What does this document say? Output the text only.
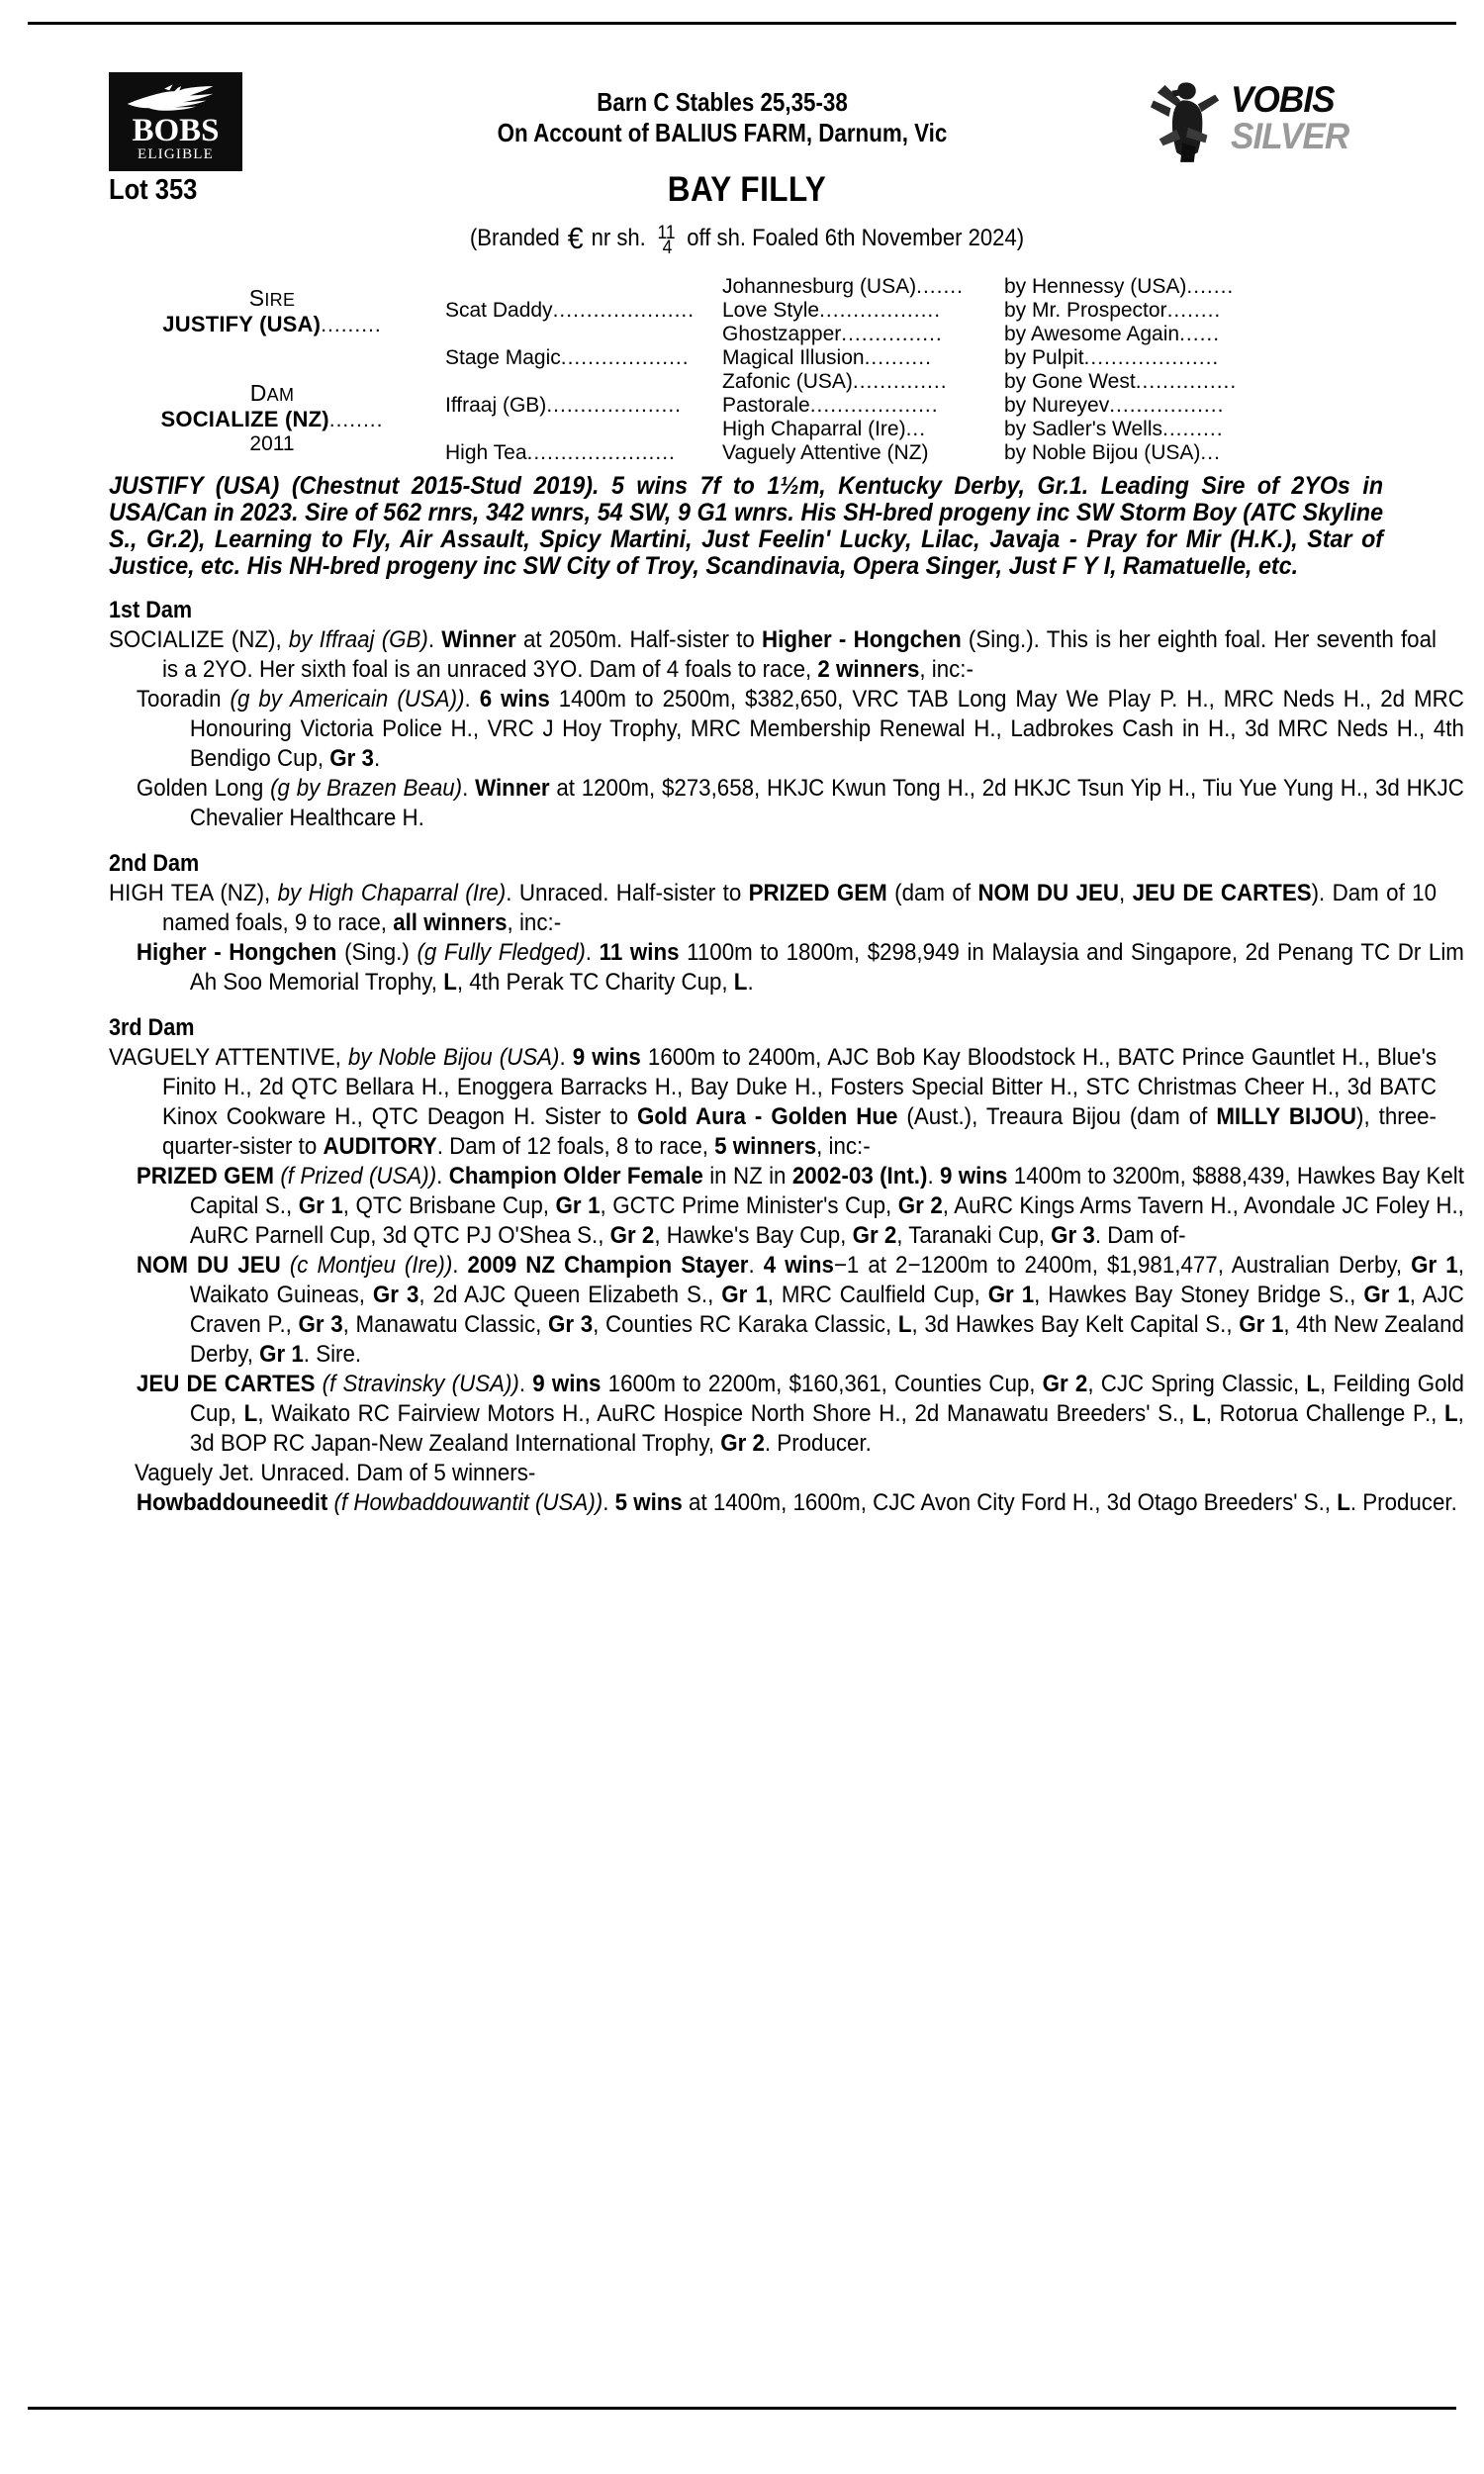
BOBS
ELIGIBLE
Barn C Stables 25,35-38
On Account of BALIUS FARM, Darnum, Vic
VOBIS
SILVER
Lot 353	BAY FILLY
(Branded € nr sh. 11
4 off sh. Foaled 6th November 2024)
SIRE
JUSTIFY (USA).........
DAM
SOCIALIZE (NZ)........
2011
Scat Daddy.....................
Stage Magic...................
Iffraaj (GB)....................
High Tea......................
Johannesburg (USA).......
Love Style..................
Ghostzapper...............
Magical Illusion..........
Zafonic (USA)..............
Pastorale...................
High Chaparral (Ire)...
Vaguely Attentive (NZ)
by Hennessy (USA).......
by Mr. Prospector........
by Awesome Again......
by Pulpit....................
by Gone West...............
by Nureyev.................
by Sadler's Wells.........
by Noble Bijou (USA)...
JUSTIFY (USA) (Chestnut 2015-Stud 2019). 5 wins 7f to 1½m, Kentucky Derby, Gr.1. Leading Sire of 2YOs in USA/Can in 2023. Sire of 562 rnrs, 342 wnrs, 54 SW, 9 G1 wnrs. His SH-bred progeny inc SW Storm Boy (ATC Skyline S., Gr.2), Learning to Fly, Air Assault, Spicy Martini, Just Feelin' Lucky, Lilac, Javaja - Pray for Mir (H.K.), Star of Justice, etc. His NH-bred progeny inc SW City of Troy, Scandinavia, Opera Singer, Just F Y I, Ramatuelle, etc.
1st Dam
SOCIALIZE (NZ), by Iffraaj (GB). Winner at 2050m. Half-sister to Higher - Hongchen (Sing.). This is her eighth foal. Her seventh foal is a 2YO. Her sixth foal is an unraced 3YO. Dam of 4 foals to race, 2 winners, inc:-
Tooradin (g by Americain (USA)). 6 wins 1400m to 2500m, $382,650, VRC TAB Long May We Play P. H., MRC Neds H., 2d MRC Honouring Victoria Police H., VRC J Hoy Trophy, MRC Membership Renewal H., Ladbrokes Cash in H., 3d MRC Neds H., 4th Bendigo Cup, Gr 3.
Golden Long (g by Brazen Beau). Winner at 1200m, $273,658, HKJC Kwun Tong H., 2d HKJC Tsun Yip H., Tiu Yue Yung H., 3d HKJC Chevalier Healthcare H.
2nd Dam
HIGH TEA (NZ), by High Chaparral (Ire). Unraced. Half-sister to PRIZED GEM (dam of NOM DU JEU, JEU DE CARTES). Dam of 10 named foals, 9 to race, all winners, inc:-
Higher - Hongchen (Sing.) (g Fully Fledged). 11 wins 1100m to 1800m, $298,949 in Malaysia and Singapore, 2d Penang TC Dr Lim Ah Soo Memorial Trophy, L, 4th Perak TC Charity Cup, L.
3rd Dam
VAGUELY ATTENTIVE, by Noble Bijou (USA). 9 wins 1600m to 2400m, AJC Bob Kay Bloodstock H., BATC Prince Gauntlet H., Blue's Finito H., 2d QTC Bellara H., Enoggera Barracks H., Bay Duke H., Fosters Special Bitter H., STC Christmas Cheer H., 3d BATC Kinox Cookware H., QTC Deagon H. Sister to Gold Aura - Golden Hue (Aust.), Treaura Bijou (dam of MILLY BIJOU), three-quarter-sister to AUDITORY. Dam of 12 foals, 8 to race, 5 winners, inc:-
PRIZED GEM (f Prized (USA)). Champion Older Female in NZ in 2002-03 (Int.). 9 wins 1400m to 3200m, $888,439, Hawkes Bay Kelt Capital S., Gr 1, QTC Brisbane Cup, Gr 1, GCTC Prime Minister's Cup, Gr 2, AuRC Kings Arms Tavern H., Avondale JC Foley H., AuRC Parnell Cup, 3d QTC PJ O'Shea S., Gr 2, Hawke's Bay Cup, Gr 2, Taranaki Cup, Gr 3. Dam of-
NOM DU JEU (c Montjeu (Ire)). 2009 NZ Champion Stayer. 4 wins−1 at 2−1200m to 2400m, $1,981,477, Australian Derby, Gr 1, Waikato Guineas, Gr 3, 2d AJC Queen Elizabeth S., Gr 1, MRC Caulfield Cup, Gr 1, Hawkes Bay Stoney Bridge S., Gr 1, AJC Craven P., Gr 3, Manawatu Classic, Gr 3, Counties RC Karaka Classic, L, 3d Hawkes Bay Kelt Capital S., Gr 1, 4th New Zealand Derby, Gr 1. Sire.
JEU DE CARTES (f Stravinsky (USA)). 9 wins 1600m to 2200m, $160,361, Counties Cup, Gr 2, CJC Spring Classic, L, Feilding Gold Cup, L, Waikato RC Fairview Motors H., AuRC Hospice North Shore H., 2d Manawatu Breeders' S., L, Rotorua Challenge P., L, 3d BOP RC Japan-New Zealand International Trophy, Gr 2. Producer.
Vaguely Jet. Unraced. Dam of 5 winners-
Howbaddouneedit (f Howbaddouwantit (USA)). 5 wins at 1400m, 1600m, CJC Avon City Ford H., 3d Otago Breeders' S., L. Producer.
